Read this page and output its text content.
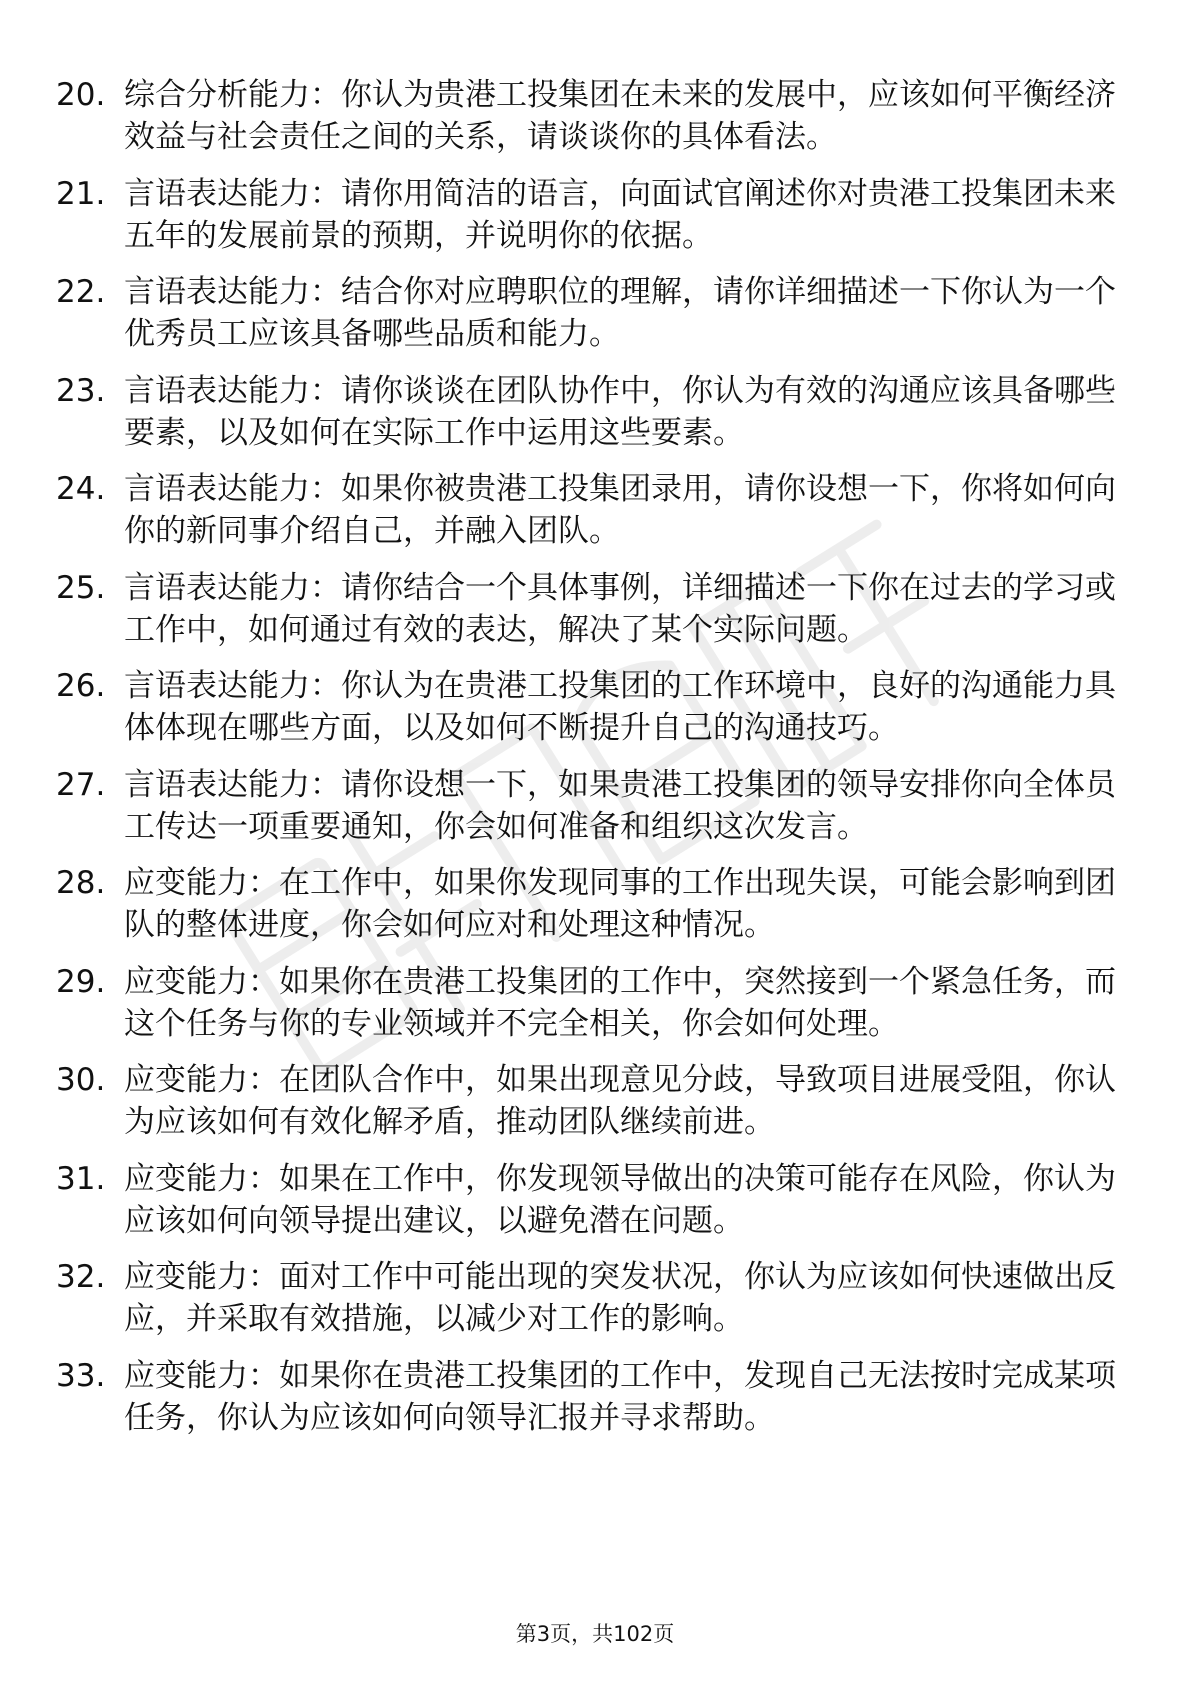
20. 综合分析能力：你认为贵港工投集团在未来的发展中，应该如何平衡经济效益与社会责任之间的关系，请谈谈你的具体看法。
21. 言语表达能力：请你用简洁的语言，向面试官阐述你对贵港工投集团未来五年的发展前景的预期，并说明你的依据。
22. 言语表达能力：结合你对应聘职位的理解，请你详细描述一下你认为一个优秀员工应该具备哪些品质和能力。
23. 言语表达能力：请你谈谈在团队协作中，你认为有效的沟通应该具备哪些要素，以及如何在实际工作中运用这些要素。
24. 言语表达能力：如果你被贵港工投集团录用，请你设想一下，你将如何向你的新同事介绍自己，并融入团队。
25. 言语表达能力：请你结合一个具体事例，详细描述一下你在过去的学习或工作中，如何通过有效的表达，解决了某个实际问题。
26. 言语表达能力：你认为在贵港工投集团的工作环境中，良好的沟通能力具体体现在哪些方面，以及如何不断提升自己的沟通技巧。
27. 言语表达能力：请你设想一下，如果贵港工投集团的领导安排你向全体员工传达一项重要通知，你会如何准备和组织这次发言。
28. 应变能力：在工作中，如果你发现同事的工作出现失误，可能会影响到团队的整体进度，你会如何应对和处理这种情况。
29. 应变能力：如果你在贵港工投集团的工作中，突然接到一个紧急任务，而这个任务与你的专业领域并不完全相关，你会如何处理。
30. 应变能力：在团队合作中，如果出现意见分歧，导致项目进展受阻，你认为应该如何有效化解矛盾，推动团队继续前进。
31. 应变能力：如果在工作中，你发现领导做出的决策可能存在风险，你认为应该如何向领导提出建议，以避免潜在问题。
32. 应变能力：面对工作中可能出现的突发状况，你认为应该如何快速做出反应，并采取有效措施，以减少对工作的影响。
33. 应变能力：如果你在贵港工投集团的工作中，发现自己无法按时完成某项任务，你认为应该如何向领导汇报并寻求帮助。
第3页，共102页
